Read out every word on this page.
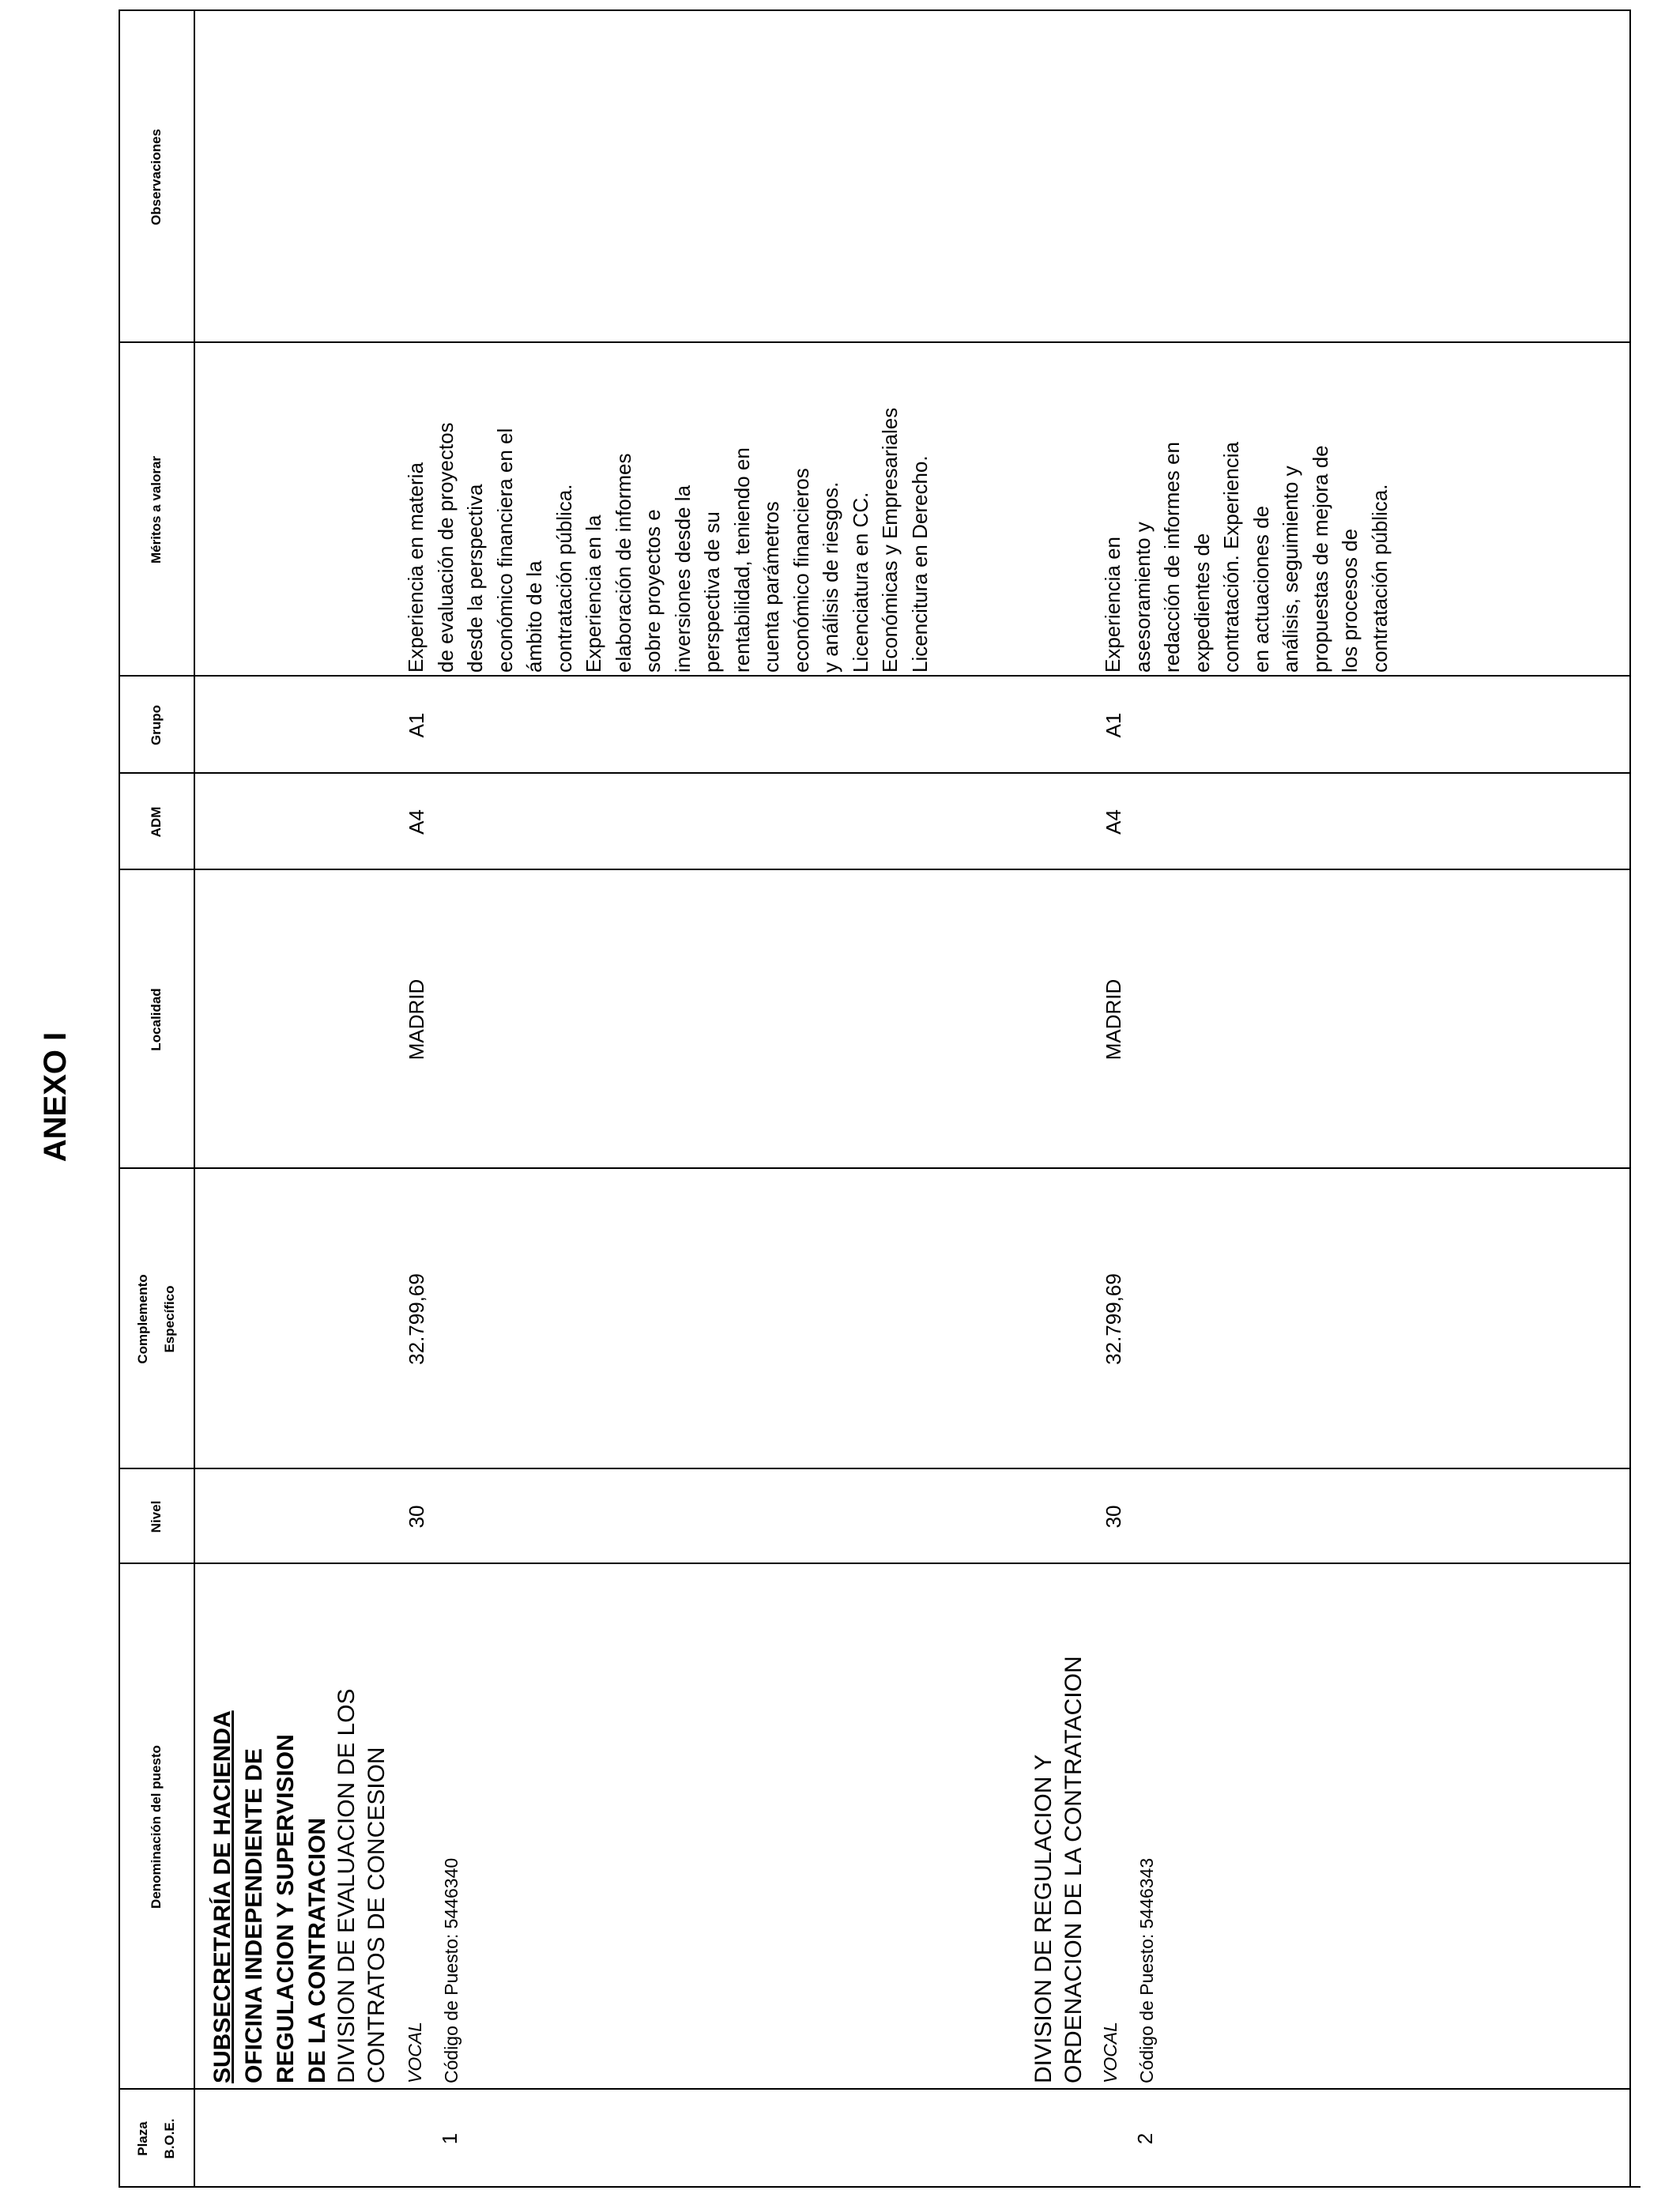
ANEXO I
Plaza B.O.E.
Denominación del puesto
Nivel
Complemento Específico
Localidad
ADM
Grupo
Méritos a valorar
Observaciones
SUBSECRETARÍA DE HACIENDA OFICINA INDEPENDIENTE DE REGULACION Y SUPERVISION DE LA CONTRATACION DIVISION DE EVALUACION DE LOS CONTRATOS DE CONCESION VOCAL Código de Puesto: 5446340
1
30
32.799,69
MADRID
A4
A1
Experiencia en materia de evaluación de proyectos desde la perspectiva económico financiera en el ámbito de la contratación pública. Experiencia en la elaboración de informes sobre proyectos e inversiones desde la perspectiva de su rentabilidad, teniendo en cuenta parámetros económico financieros y análisis de riesgos. Licenciatura en CC. Económicas y Empresariales Licencitura en Derecho.
DIVISION DE REGULACION Y ORDENACION DE LA CONTRATACION VOCAL Código de Puesto: 5446343
2
30
32.799,69
MADRID
A4
A1
Experiencia en asesoramiento y redacción de informes en expedientes de contratación. Experiencia en actuaciones de análisis, seguimiento y propuestas de mejora de los procesos de contratación pública.
